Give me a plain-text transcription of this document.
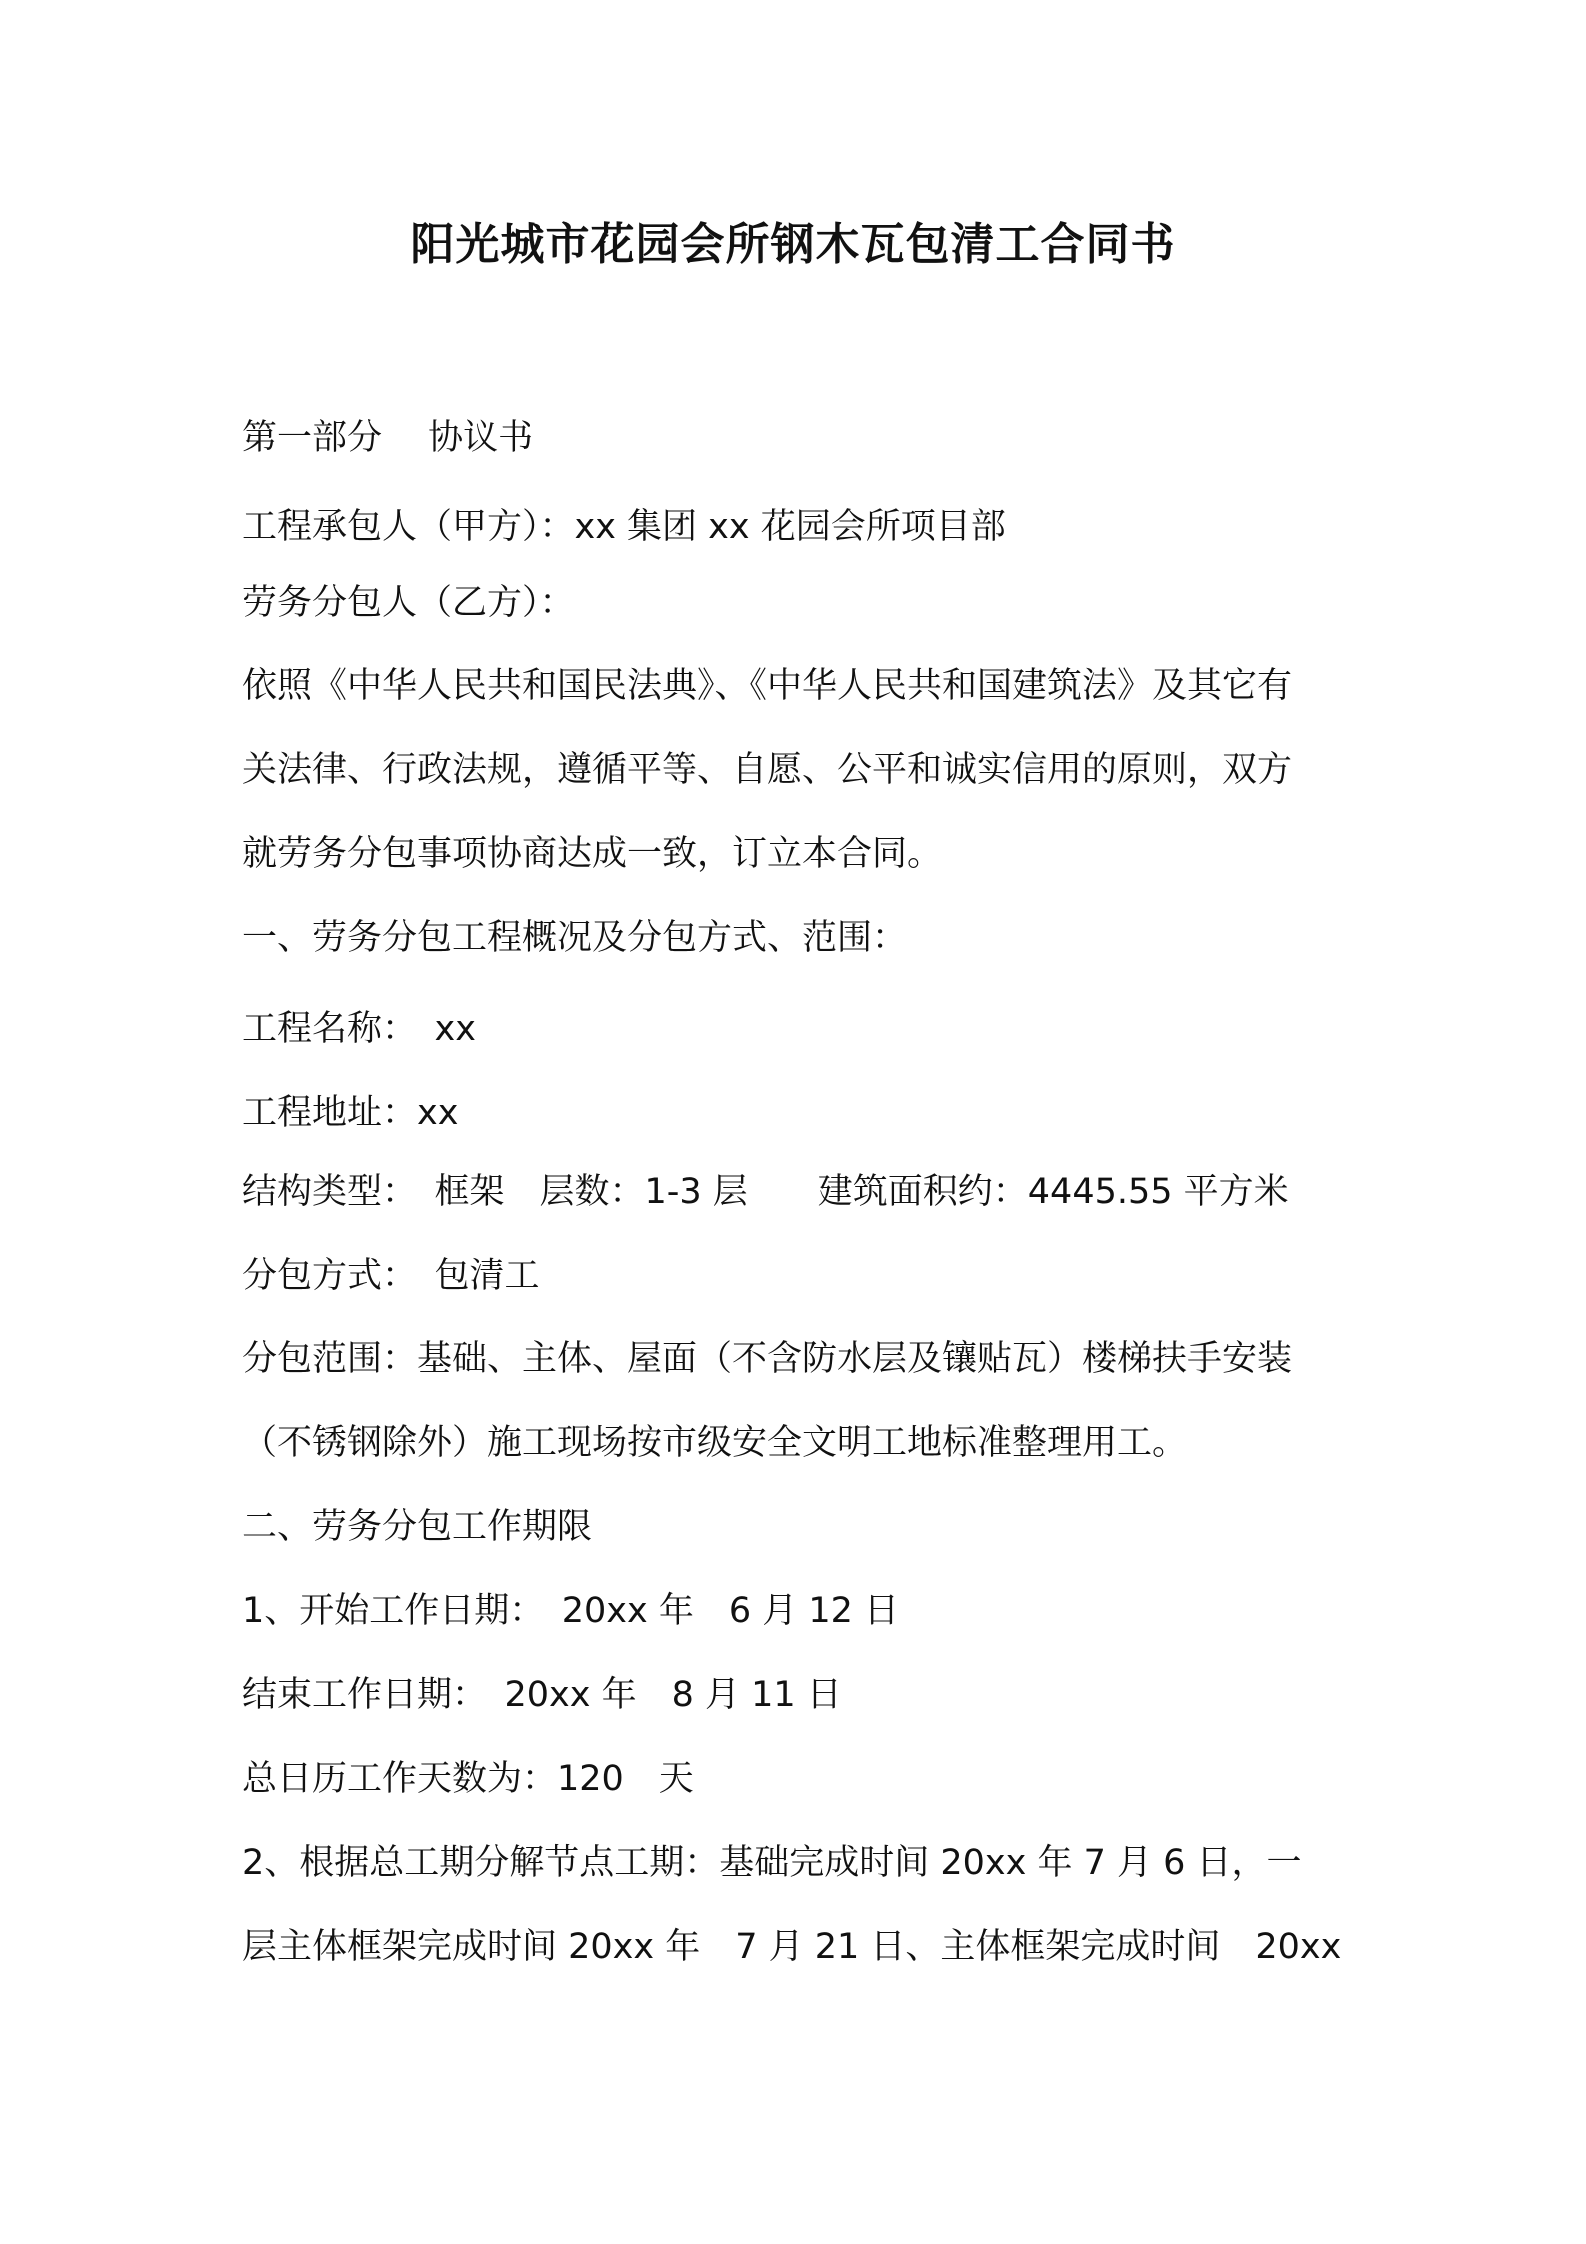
阳光城市花园会所钢木瓦包清工合同书
第一部分　 协议书
工程承包人（甲方）：xx 集团 xx 花园会所项目部
劳务分包人（乙方）：
依照《中华人民共和国民法典》、《中华人民共和国建筑法》及其它有
关法律、行政法规，遵循平等、自愿、公平和诚实信用的原则，双方
就劳务分包事项协商达成一致，订立本合同。
一、劳务分包工程概况及分包方式、范围：
工程名称：　xx
工程地址：xx
结构类型：　框架　层数：1-3 层　　建筑面积约：4445.55 平方米
分包方式：　包清工
分包范围：基础、主体、屋面（不含防水层及镶贴瓦）楼梯扶手安装
（不锈钢除外）施工现场按市级安全文明工地标准整理用工。
二、劳务分包工作期限
1、开始工作日期：　20xx 年　6 月 12 日
结束工作日期：　20xx 年　8 月 11 日
总日历工作天数为：120　天
2、根据总工期分解节点工期：基础完成时间 20xx 年 7 月 6 日，一
层主体框架完成时间 20xx 年　7 月 21 日、主体框架完成时间　20xx
